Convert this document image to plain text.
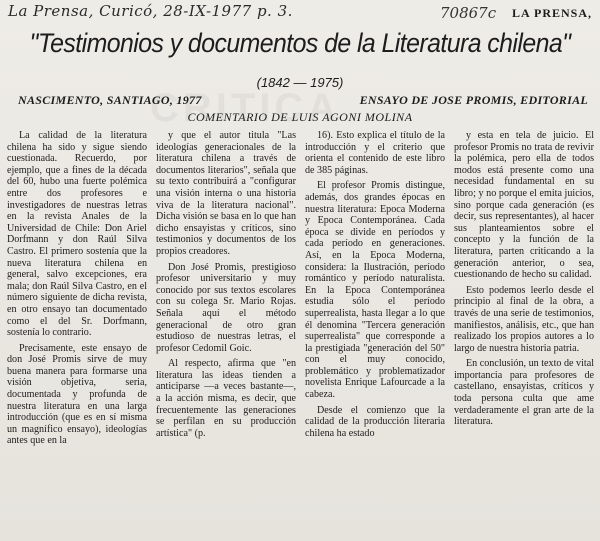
La Prensa, Curicó, 28-IX-1977 p. 3.	70867c LA PRENSA,
"Testimonios y documentos de la Literatura chilena"
(1842 — 1975)
NASCIMENTO, SANTIAGO, 1977	ENSAYO DE JOSE PROMIS, EDITORIAL
COMENTARIO DE LUIS AGONI MOLINA

La calidad de la literatura chilena ha sido y sigue siendo cuestionada. Recuerdo, por ejemplo, que a fines de la década del 60, hubo una fuerte polémica entre dos profesores e investigadores de nuestras letras en la revista Anales de la Universidad de Chile: Don Ariel Dorfmann y don Raúl Silva Castro. El primero sostenía que la nueva literatura chilena en general, salvo excepciones, era mala; don Raúl Silva Castro, en el número siguiente de dicha revista, en otro ensayo tan documentado como el del Sr. Dorfmann, sostenía lo contrario.

Precisamente, este ensayo de don José Promis sirve de muy buena manera para formarse una visión objetiva, seria, documentada y profunda de nuestra literatura en una larga introducción (que es en sí misma un magnífico ensayo), ideologías antes que en la

y que el autor titula "Las ideologías generacionales de la literatura chilena a través de documentos literarios", señala que su texto contribuirá a "configurar una visión interna o una historia viva de la literatura nacional". Dicha visión se basa en lo que han dicho ensayistas y críticos, sino testimonios y documentos de los propios creadores.

Don José Promis, prestigioso profesor universitario y muy conocido por sus textos escolares con su colega Sr. Mario Rojas. Señala aquí el método generacional de otro gran estudioso de nuestras letras, el profesor Cedomil Goic.

Al respecto, afirma que "en literatura las ideas tienden a anticiparse —a veces bastante—, a la acción misma, es decir, que frecuentemente las generaciones se perfilan en su producción artística" (p.

16). Esto explica el título de la introducción y el criterio que orienta el contenido de este libro de 385 páginas.

El profesor Promis distingue, además, dos grandes épocas en nuestra literatura: Epoca Moderna y Epoca Contemporánea. Cada época se divide en períodos y cada período en generaciones. Así, en la Epoca Moderna, considera: la Ilustración, período romántico y período naturalista. En la Epoca Contemporánea estudia sólo el período superrealista, hasta llegar a lo que él denomina "Tercera generación superrealista" que corresponde a la prestigiada "generación del 50" con el muy conocido, problemático y problematizador novelista Enrique Lafourcade a la cabeza.

Desde el comienzo que la calidad de la producción literaria chilena ha estado

y esta en tela de juicio. El profesor Promis no trata de revivir la polémica, pero ella de todos modos está presente como una necesidad fundamental en su libro; y no porque el emita juicios, sino porque cada generación (es decir, sus representantes), al hacer sus planteamientos sobre el concepto y la función de la literatura, parten criticando a la generación anterior, o sea, cuestionando de hecho su calidad.

Esto podemos leerlo desde el principio al final de la obra, a través de una serie de testimonios, manifiestos, análisis, etc., que han realizado los propios autores a lo largo de nuestra historia patria.

En conclusión, un texto de vital importancia para profesores de castellano, ensayistas, críticos y toda persona culta que ame verdaderamente el gran arte de la literatura.
